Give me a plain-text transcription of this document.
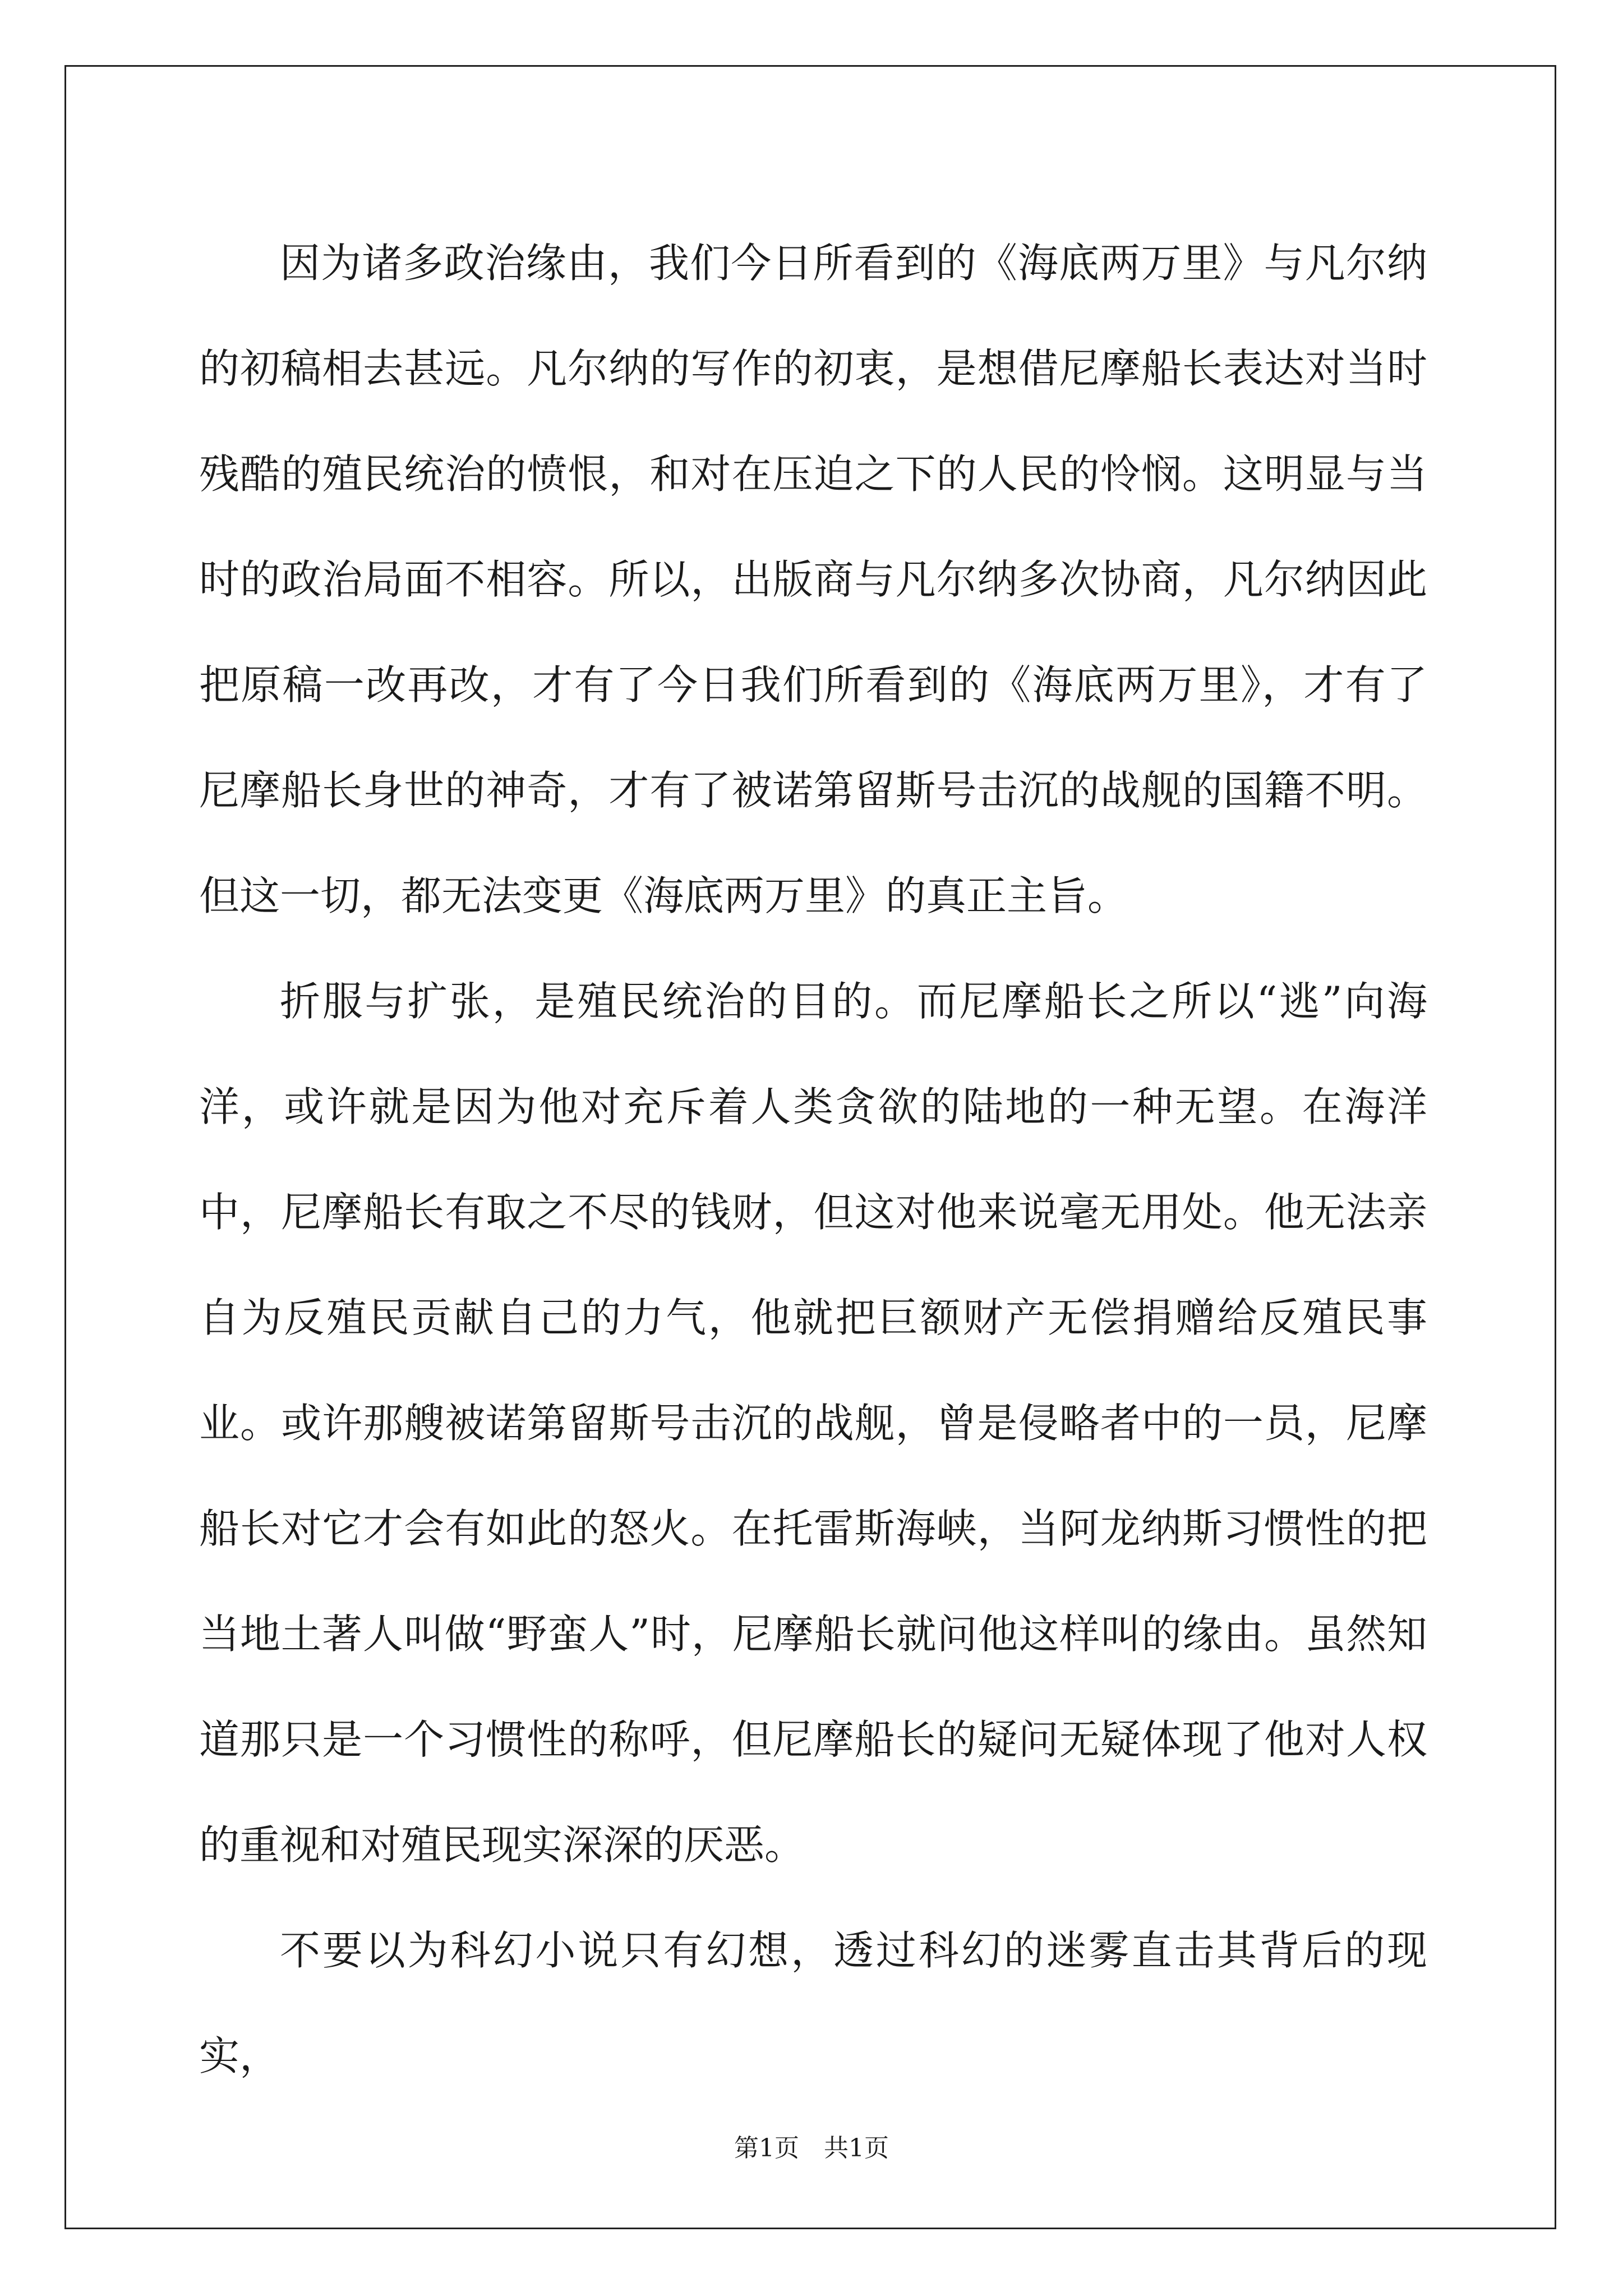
因为诸多政治缘由，我们今日所看到的《海底两万里》与凡尔纳的初稿相去甚远。凡尔纳的写作的初衷，是想借尼摩船长表达对当时残酷的殖民统治的愤恨，和对在压迫之下的人民的怜悯。这明显与当时的政治局面不相容。所以，出版商与凡尔纳多次协商，凡尔纳因此把原稿一改再改，才有了今日我们所看到的《海底两万里》，才有了尼摩船长身世的神奇，才有了被诺第留斯号击沉的战舰的国籍不明。但这一切，都无法变更《海底两万里》的真正主旨。

折服与扩张，是殖民统治的目的。而尼摩船长之所以“逃”向海洋，或许就是因为他对充斥着人类贪欲的陆地的一种无望。在海洋中，尼摩船长有取之不尽的钱财，但这对他来说毫无用处。他无法亲自为反殖民贡献自己的力气，他就把巨额财产无偿捐赠给反殖民事业。或许那艘被诺第留斯号击沉的战舰，曾是侵略者中的一员，尼摩船长对它才会有如此的怒火。在托雷斯海峡，当阿龙纳斯习惯性的把当地土著人叫做“野蛮人”时，尼摩船长就问他这样叫的缘由。虽然知道那只是一个习惯性的称呼，但尼摩船长的疑问无疑体现了他对人权的重视和对殖民现实深深的厌恶。

不要以为科幻小说只有幻想，透过科幻的迷雾直击其背后的现实，

第1页　共1页
